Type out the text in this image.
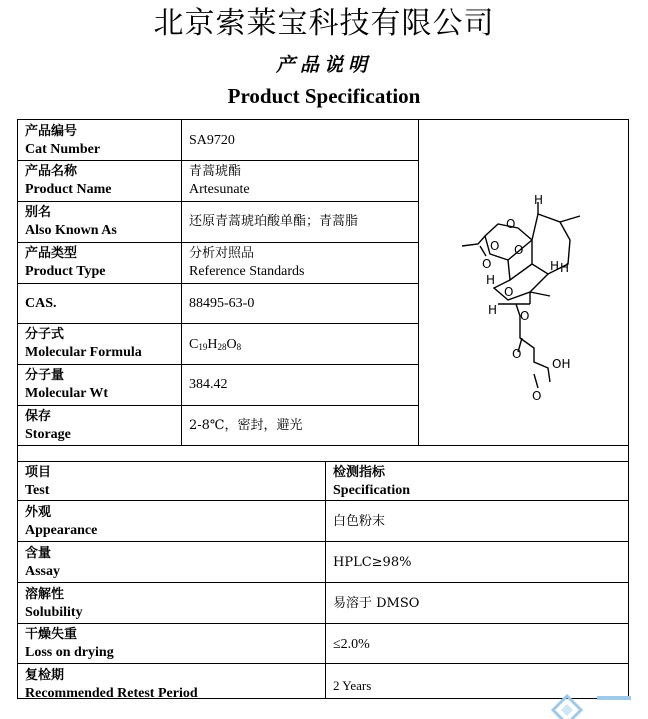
北京索莱宝科技有限公司
产品说明
Product Specification
产品编号
Cat Number
SA9720
产品名称
Product Name
青蒿琥酯
Artesunate
别名
Also Known As
还原青蒿琥珀酸单酯；青蒿脂
产品类型
Product Type
分析对照品
Reference Standards
CAS.	88495-63-0
分子式
Molecular Formula
$C_{19}H_{28}O_8$
分子量
Molecular Wt
384.42
保存
Storage
2-8℃，密封，避光
项目
Test
检测指标
Specification
外观
Appearance
白色粉末
含量
Assay
HPLC≥98%
溶解性
Solubility
易溶于 DMSO
干燥失重
Loss on drying
≤2.0%
复检期
Recommended Retest Period
2 Years
H
H
O
O
O
O
H
H
O
H O
O
OH
O
